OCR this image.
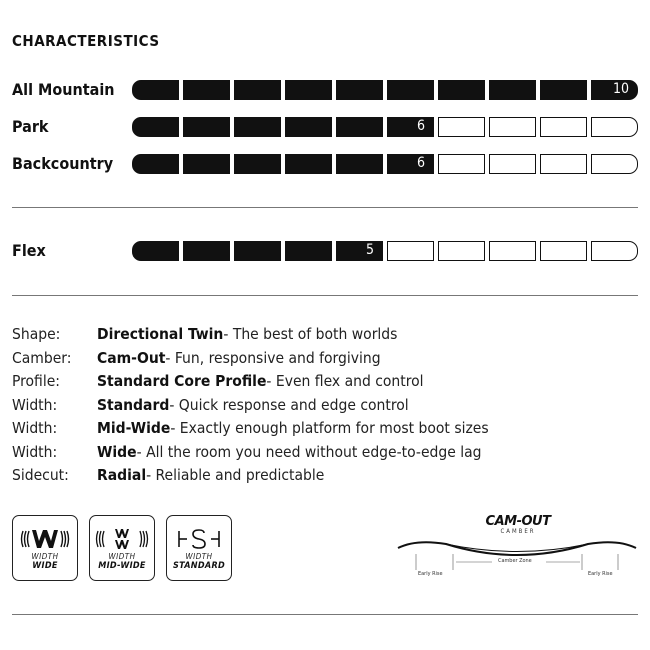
CHARACTERISTICS
All Mountain	10
Park	6
Backcountry	6
Flex	5
Shape:	Directional Twin - The best of both worlds
Camber:	Cam-Out - Fun, responsive and forgiving
Profile:	Standard Core Profile - Even flex and control
Width:	Standard - Quick response and edge control
Width:	Mid-Wide - Exactly enough platform for most boot sizes
Width:	Wide - All the room you need without edge-to-edge lag
Sidecut:	Radial - Reliable and predictable
WIDTH
WIDE
WIDTH
MID-WIDE
WIDTH
STANDARD
CAM-OUT
CAMBER
Early Rise
Camber Zone
Early Rise
